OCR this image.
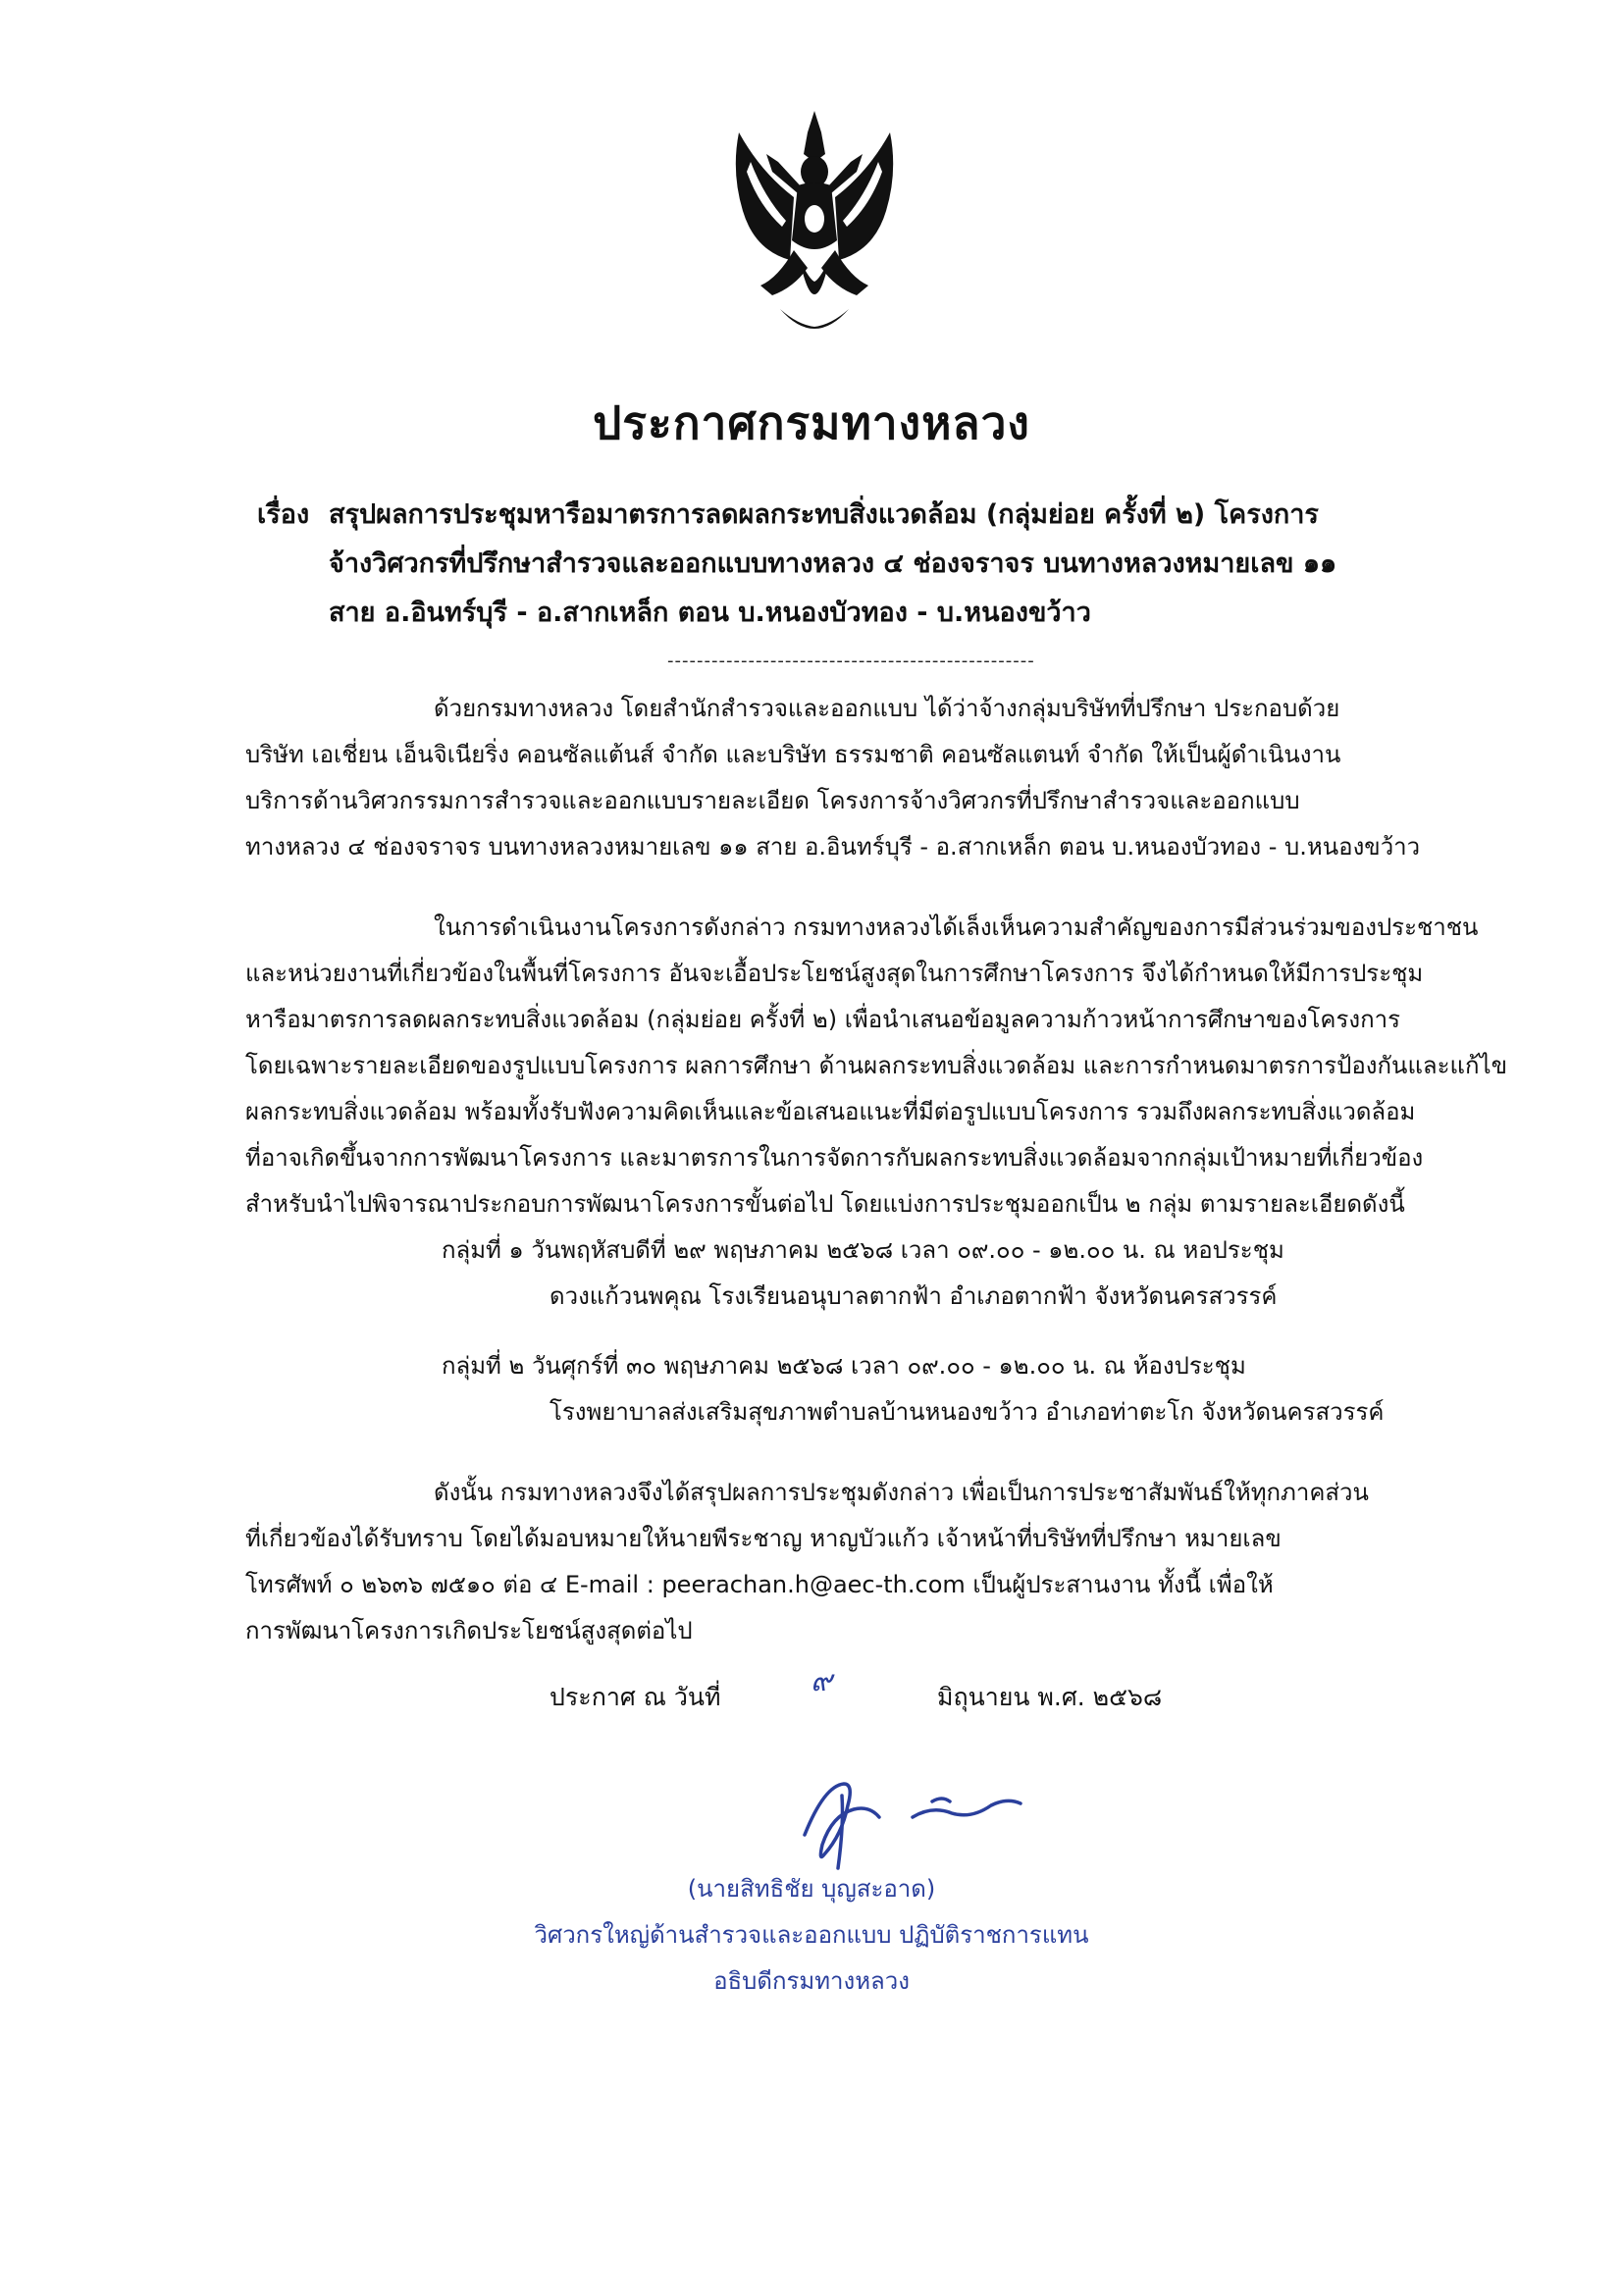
ประกาศกรมทางหลวง
เรื่อง สรุปผลการประชุมหารือมาตรการลดผลกระทบสิ่งแวดล้อม (กลุ่มย่อย ครั้งที่ ๒) โครงการ
จ้างวิศวกรที่ปรึกษาสำรวจและออกแบบทางหลวง ๔ ช่องจราจร บนทางหลวงหมายเลข ๑๑
สาย อ.อินทร์บุรี - อ.สากเหล็ก ตอน บ.หนองบัวทอง - บ.หนองขว้าว
--------------------------------------------------
ด้วยกรมทางหลวง โดยสำนักสำรวจและออกแบบ ได้ว่าจ้างกลุ่มบริษัทที่ปรึกษา ประกอบด้วย
บริษัท เอเชี่ยน เอ็นจิเนียริ่ง คอนซัลแต้นส์ จำกัด และบริษัท ธรรมชาติ คอนซัลแตนท์ จำกัด ให้เป็นผู้ดำเนินงาน
บริการด้านวิศวกรรมการสำรวจและออกแบบรายละเอียด โครงการจ้างวิศวกรที่ปรึกษาสำรวจและออกแบบ
ทางหลวง ๔ ช่องจราจร บนทางหลวงหมายเลข ๑๑ สาย อ.อินทร์บุรี - อ.สากเหล็ก ตอน บ.หนองบัวทอง - บ.หนองขว้าว
ในการดำเนินงานโครงการดังกล่าว กรมทางหลวงได้เล็งเห็นความสำคัญของการมีส่วนร่วมของประชาชน
และหน่วยงานที่เกี่ยวข้องในพื้นที่โครงการ อันจะเอื้อประโยชน์สูงสุดในการศึกษาโครงการ จึงได้กำหนดให้มีการประชุม
หารือมาตรการลดผลกระทบสิ่งแวดล้อม (กลุ่มย่อย ครั้งที่ ๒) เพื่อนำเสนอข้อมูลความก้าวหน้าการศึกษาของโครงการ
โดยเฉพาะรายละเอียดของรูปแบบโครงการ ผลการศึกษา ด้านผลกระทบสิ่งแวดล้อม และการกำหนดมาตรการป้องกันและแก้ไข
ผลกระทบสิ่งแวดล้อม พร้อมทั้งรับฟังความคิดเห็นและข้อเสนอแนะที่มีต่อรูปแบบโครงการ รวมถึงผลกระทบสิ่งแวดล้อม
ที่อาจเกิดขึ้นจากการพัฒนาโครงการ และมาตรการในการจัดการกับผลกระทบสิ่งแวดล้อมจากกลุ่มเป้าหมายที่เกี่ยวข้อง
สำหรับนำไปพิจารณาประกอบการพัฒนาโครงการขั้นต่อไป โดยแบ่งการประชุมออกเป็น ๒ กลุ่ม ตามรายละเอียดดังนี้
กลุ่มที่ ๑ วันพฤหัสบดีที่ ๒๙ พฤษภาคม ๒๕๖๘ เวลา ๐๙.๐๐ - ๑๒.๐๐ น. ณ หอประชุม
ดวงแก้วนพคุณ โรงเรียนอนุบาลตากฟ้า อำเภอตากฟ้า จังหวัดนครสวรรค์
กลุ่มที่ ๒ วันศุกร์ที่ ๓๐ พฤษภาคม ๒๕๖๘ เวลา ๐๙.๐๐ - ๑๒.๐๐ น. ณ ห้องประชุม
โรงพยาบาลส่งเสริมสุขภาพตำบลบ้านหนองขว้าว อำเภอท่าตะโก จังหวัดนครสวรรค์
ดังนั้น กรมทางหลวงจึงได้สรุปผลการประชุมดังกล่าว เพื่อเป็นการประชาสัมพันธ์ให้ทุกภาคส่วน
ที่เกี่ยวข้องได้รับทราบ โดยได้มอบหมายให้นายพีระชาญ หาญบัวแก้ว เจ้าหน้าที่บริษัทที่ปรึกษา หมายเลข
โทรศัพท์ ๐ ๒๖๓๖ ๗๕๑๐ ต่อ ๔ E-mail : peerachan.h@aec-th.com เป็นผู้ประสานงาน ทั้งนี้ เพื่อให้
การพัฒนาโครงการเกิดประโยชน์สูงสุดต่อไป
ประกาศ ณ วันที่	๙	มิถุนายน พ.ศ. ๒๕๖๘
(นายสิทธิชัย บุญสะอาด)
วิศวกรใหญ่ด้านสำรวจและออกแบบ ปฏิบัติราชการแทน
อธิบดีกรมทางหลวง
